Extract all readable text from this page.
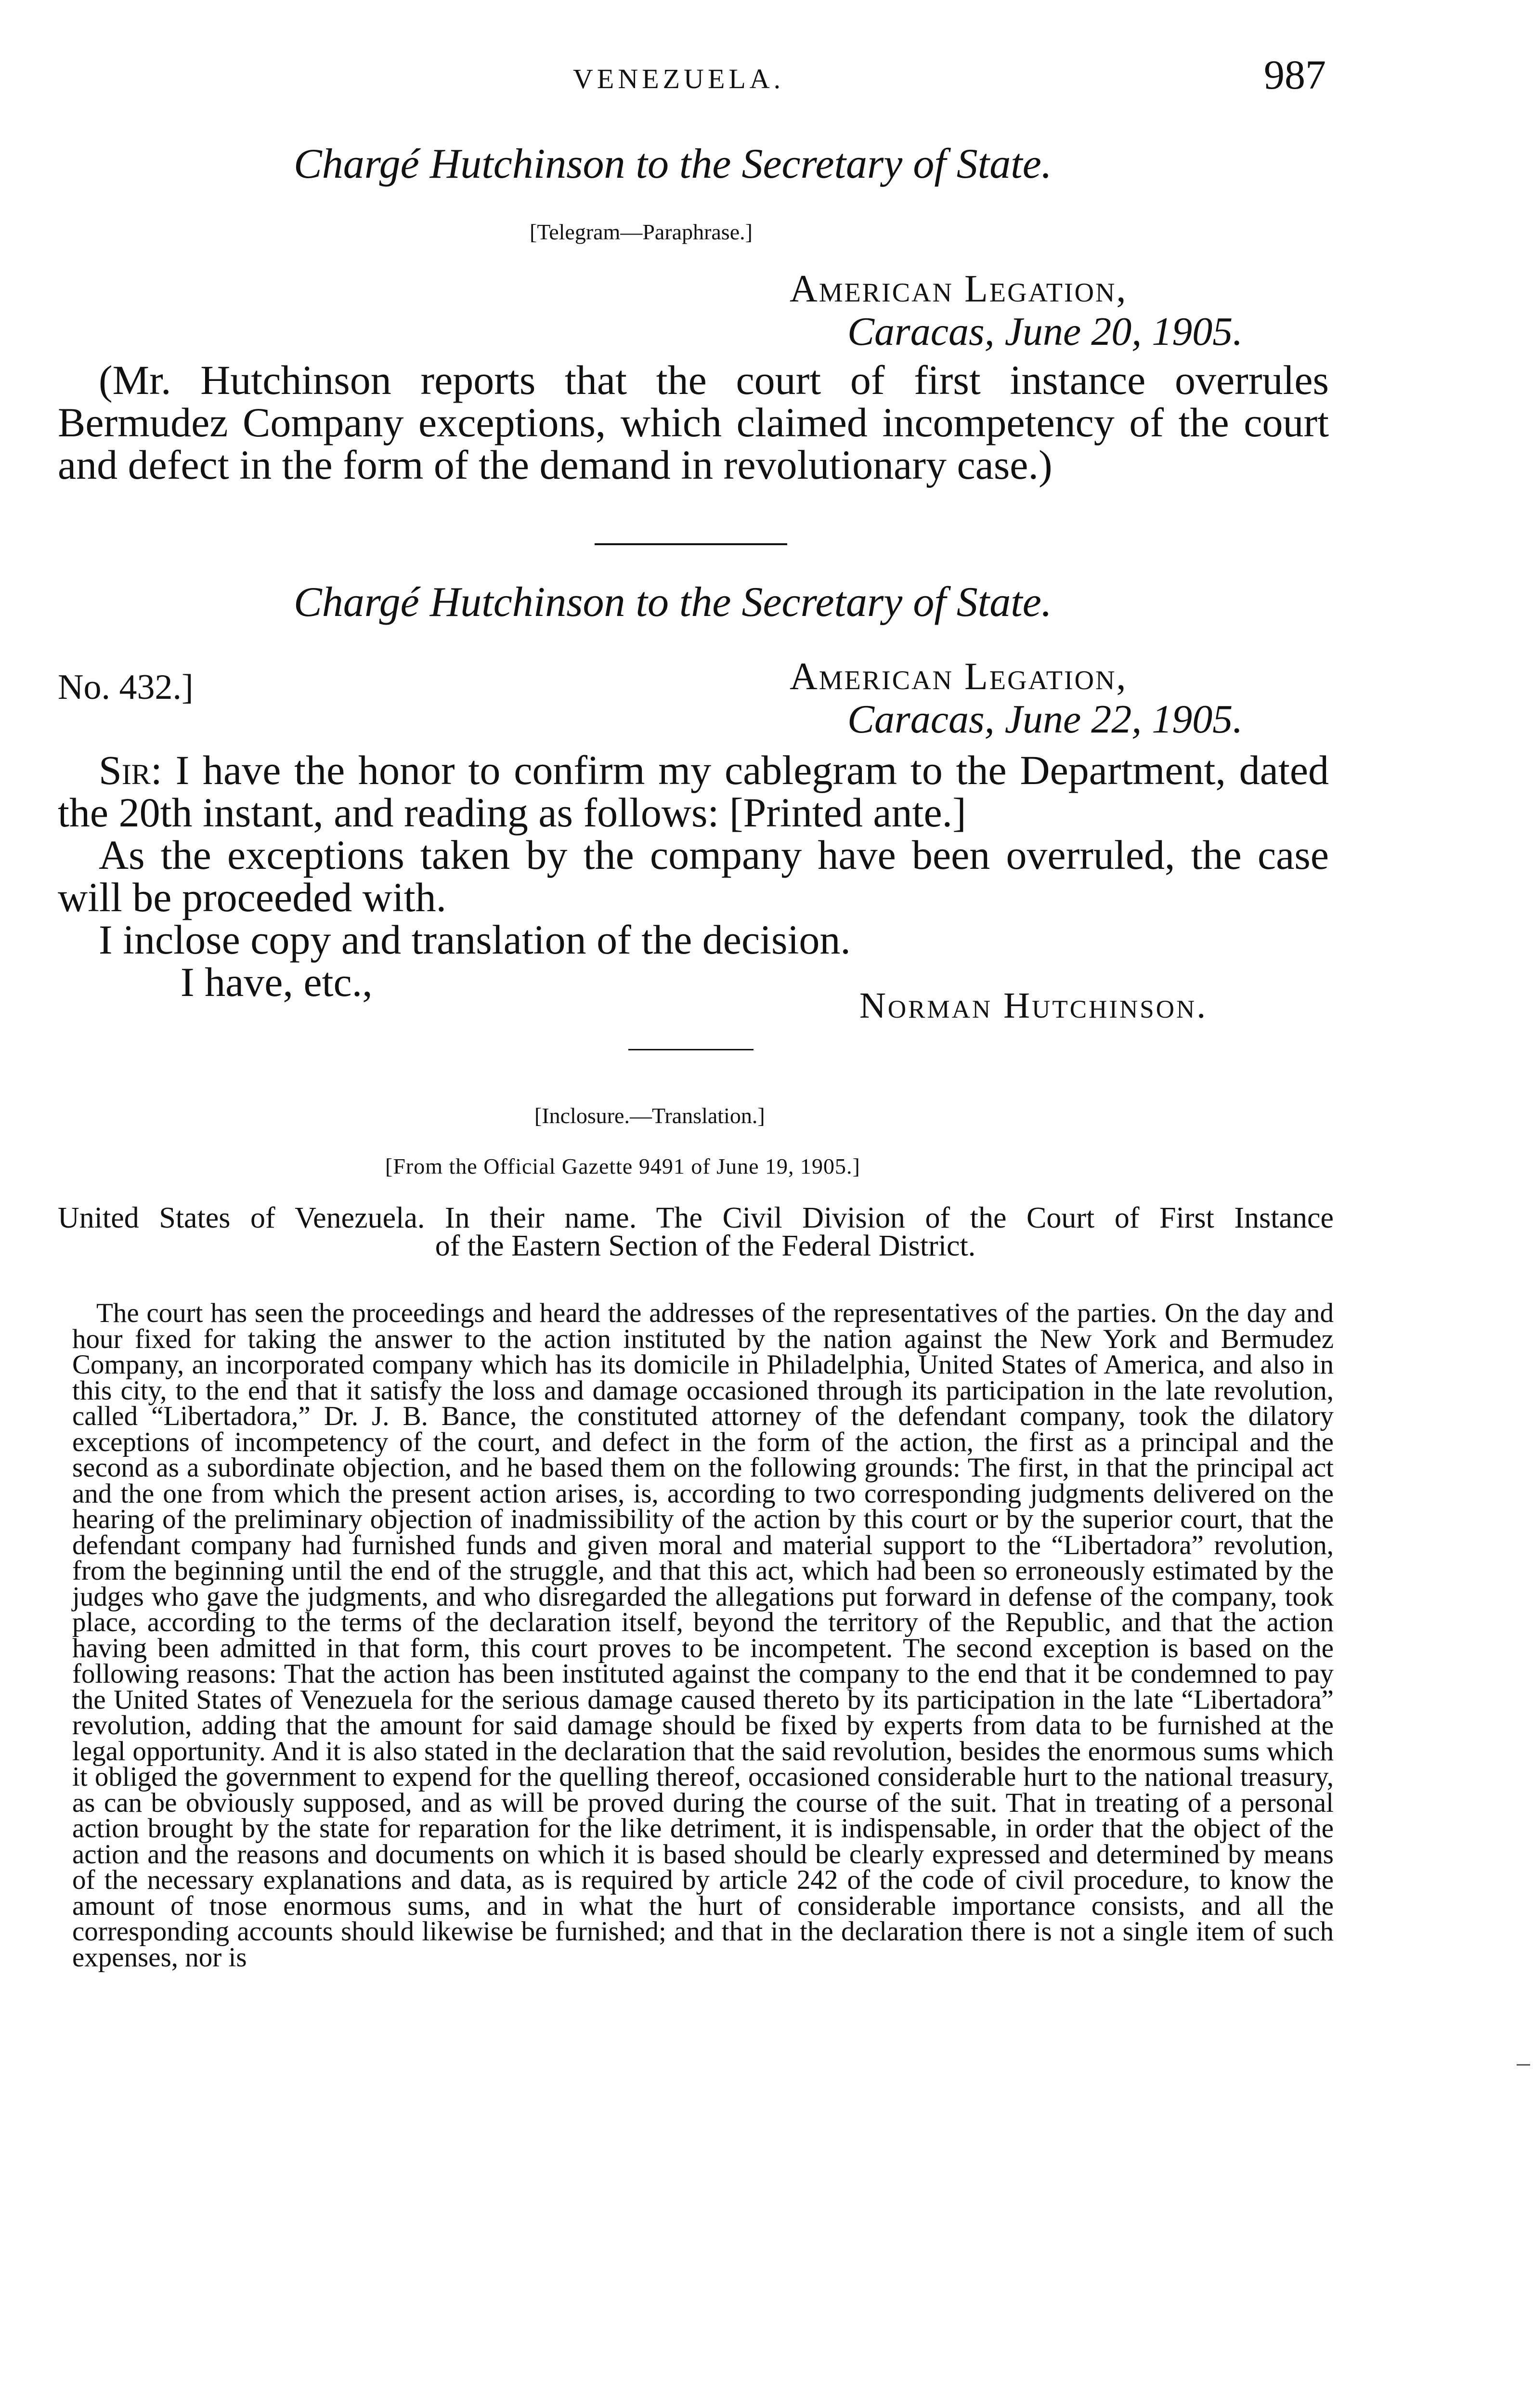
VENEZUELA.	987
Chargé Hutchinson to the Secretary of State.
[Telegram—Paraphrase.]
American Legation,
Caracas, June 20, 1905.

(Mr. Hutchinson reports that the court of first instance overrules Bermudez Company exceptions, which claimed incompetency of the court and defect in the form of the demand in revolutionary case.)

Chargé Hutchinson to the Secretary of State.
No. 432.]	American Legation,
Caracas, June 22, 1905.

Sir: I have the honor to confirm my cablegram to the Department, dated the 20th instant, and reading as follows: [Printed ante.]

As the exceptions taken by the company have been overruled, the case will be proceeded with.

I inclose copy and translation of the decision.

I have, etc.,

Norman Hutchinson.
[Inclosure.—Translation.]
[From the Official Gazette 9491 of June 19, 1905.]

United States of Venezuela. In their name. The Civil Division of the Court of First Instance

of the Eastern Section of the Federal District.

The court has seen the proceedings and heard the addresses of the representatives of the parties. On the day and hour fixed for taking the answer to the action instituted by the nation against the New York and Bermudez Company, an incorporated company which has its domicile in Philadelphia, United States of America, and also in this city, to the end that it satisfy the loss and damage occasioned through its participation in the late revolution, called “Libertadora,” Dr. J. B. Bance, the constituted attorney of the defendant company, took the dilatory exceptions of incompetency of the court, and defect in the form of the action, the first as a principal and the second as a subordinate objection, and he based them on the following grounds: The first, in that the principal act and the one from which the present action arises, is, according to two corresponding judgments delivered on the hearing of the preliminary objection of inadmissibility of the action by this court or by the superior court, that the defendant company had furnished funds and given moral and material support to the “Libertadora” revolution, from the beginning until the end of the struggle, and that this act, which had been so erroneously estimated by the judges who gave the judgments, and who disregarded the allegations put forward in defense of the company, took place, according to the terms of the declaration itself, beyond the territory of the Republic, and that the action having been admitted in that form, this court proves to be incompetent. The second exception is based on the following reasons: That the action has been instituted against the company to the end that it be condemned to pay the United States of Venezuela for the serious damage caused thereto by its participation in the late “Libertadora” revolution, adding that the amount for said damage should be fixed by experts from data to be furnished at the legal opportunity. And it is also stated in the declaration that the said revolution, besides the enormous sums which it obliged the government to expend for the quelling thereof, occasioned considerable hurt to the national treasury, as can be obviously supposed, and as will be proved during the course of the suit. That in treating of a personal action brought by the state for reparation for the like detriment, it is indispensable, in order that the object of the action and the reasons and documents on which it is based should be clearly expressed and determined by means of the necessary explanations and data, as is required by article 242 of the code of civil procedure, to know the amount of tnose enormous sums, and in what the hurt of considerable importance consists, and all the corresponding accounts should likewise be furnished; and that in the declaration there is not a single item of such expenses, nor is
